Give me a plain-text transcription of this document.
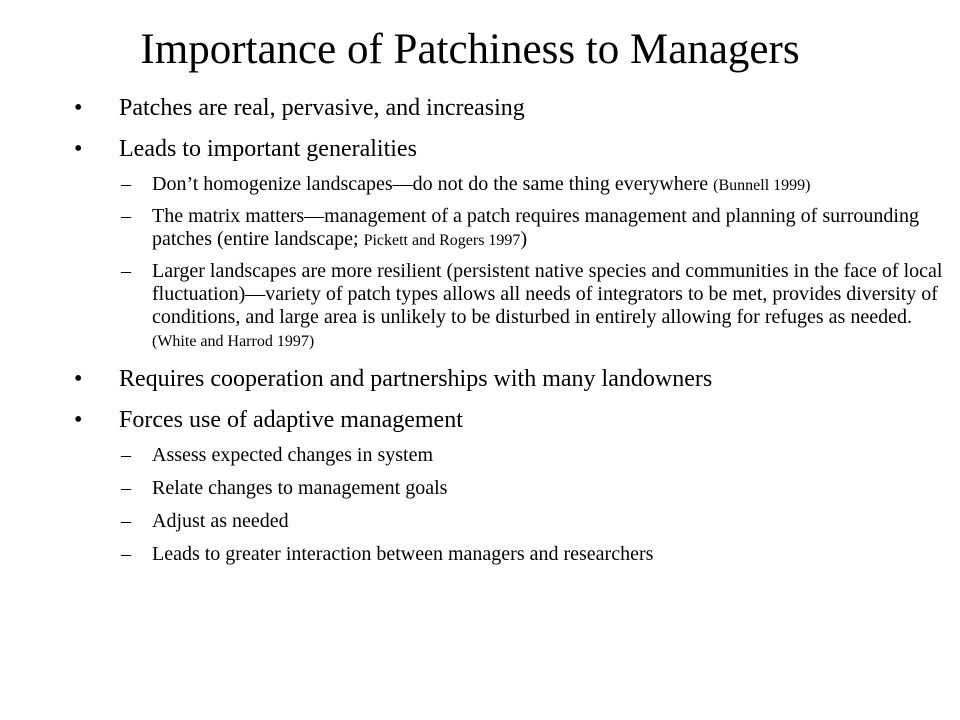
Importance of Patchiness to Managers
•	Patches are real, pervasive, and increasing
•	Leads to important generalities
–	Don’t homogenize landscapes—do not do the same thing everywhere (Bunnell 1999)
–	The matrix matters—management of a patch requires management and planning of surrounding patches (entire landscape; Pickett and Rogers 1997)
–	Larger landscapes are more resilient (persistent native species and communities in the face of local fluctuation)—variety of patch types allows all needs of integrators to be met, provides diversity of conditions, and large area is unlikely to be disturbed in entirely allowing for refuges as needed. (White and Harrod 1997)
•	Requires cooperation and partnerships with many landowners
•	Forces use of adaptive management
–	Assess expected changes in system
–	Relate changes to management goals
–	Adjust as needed
–	Leads to greater interaction between managers and researchers
